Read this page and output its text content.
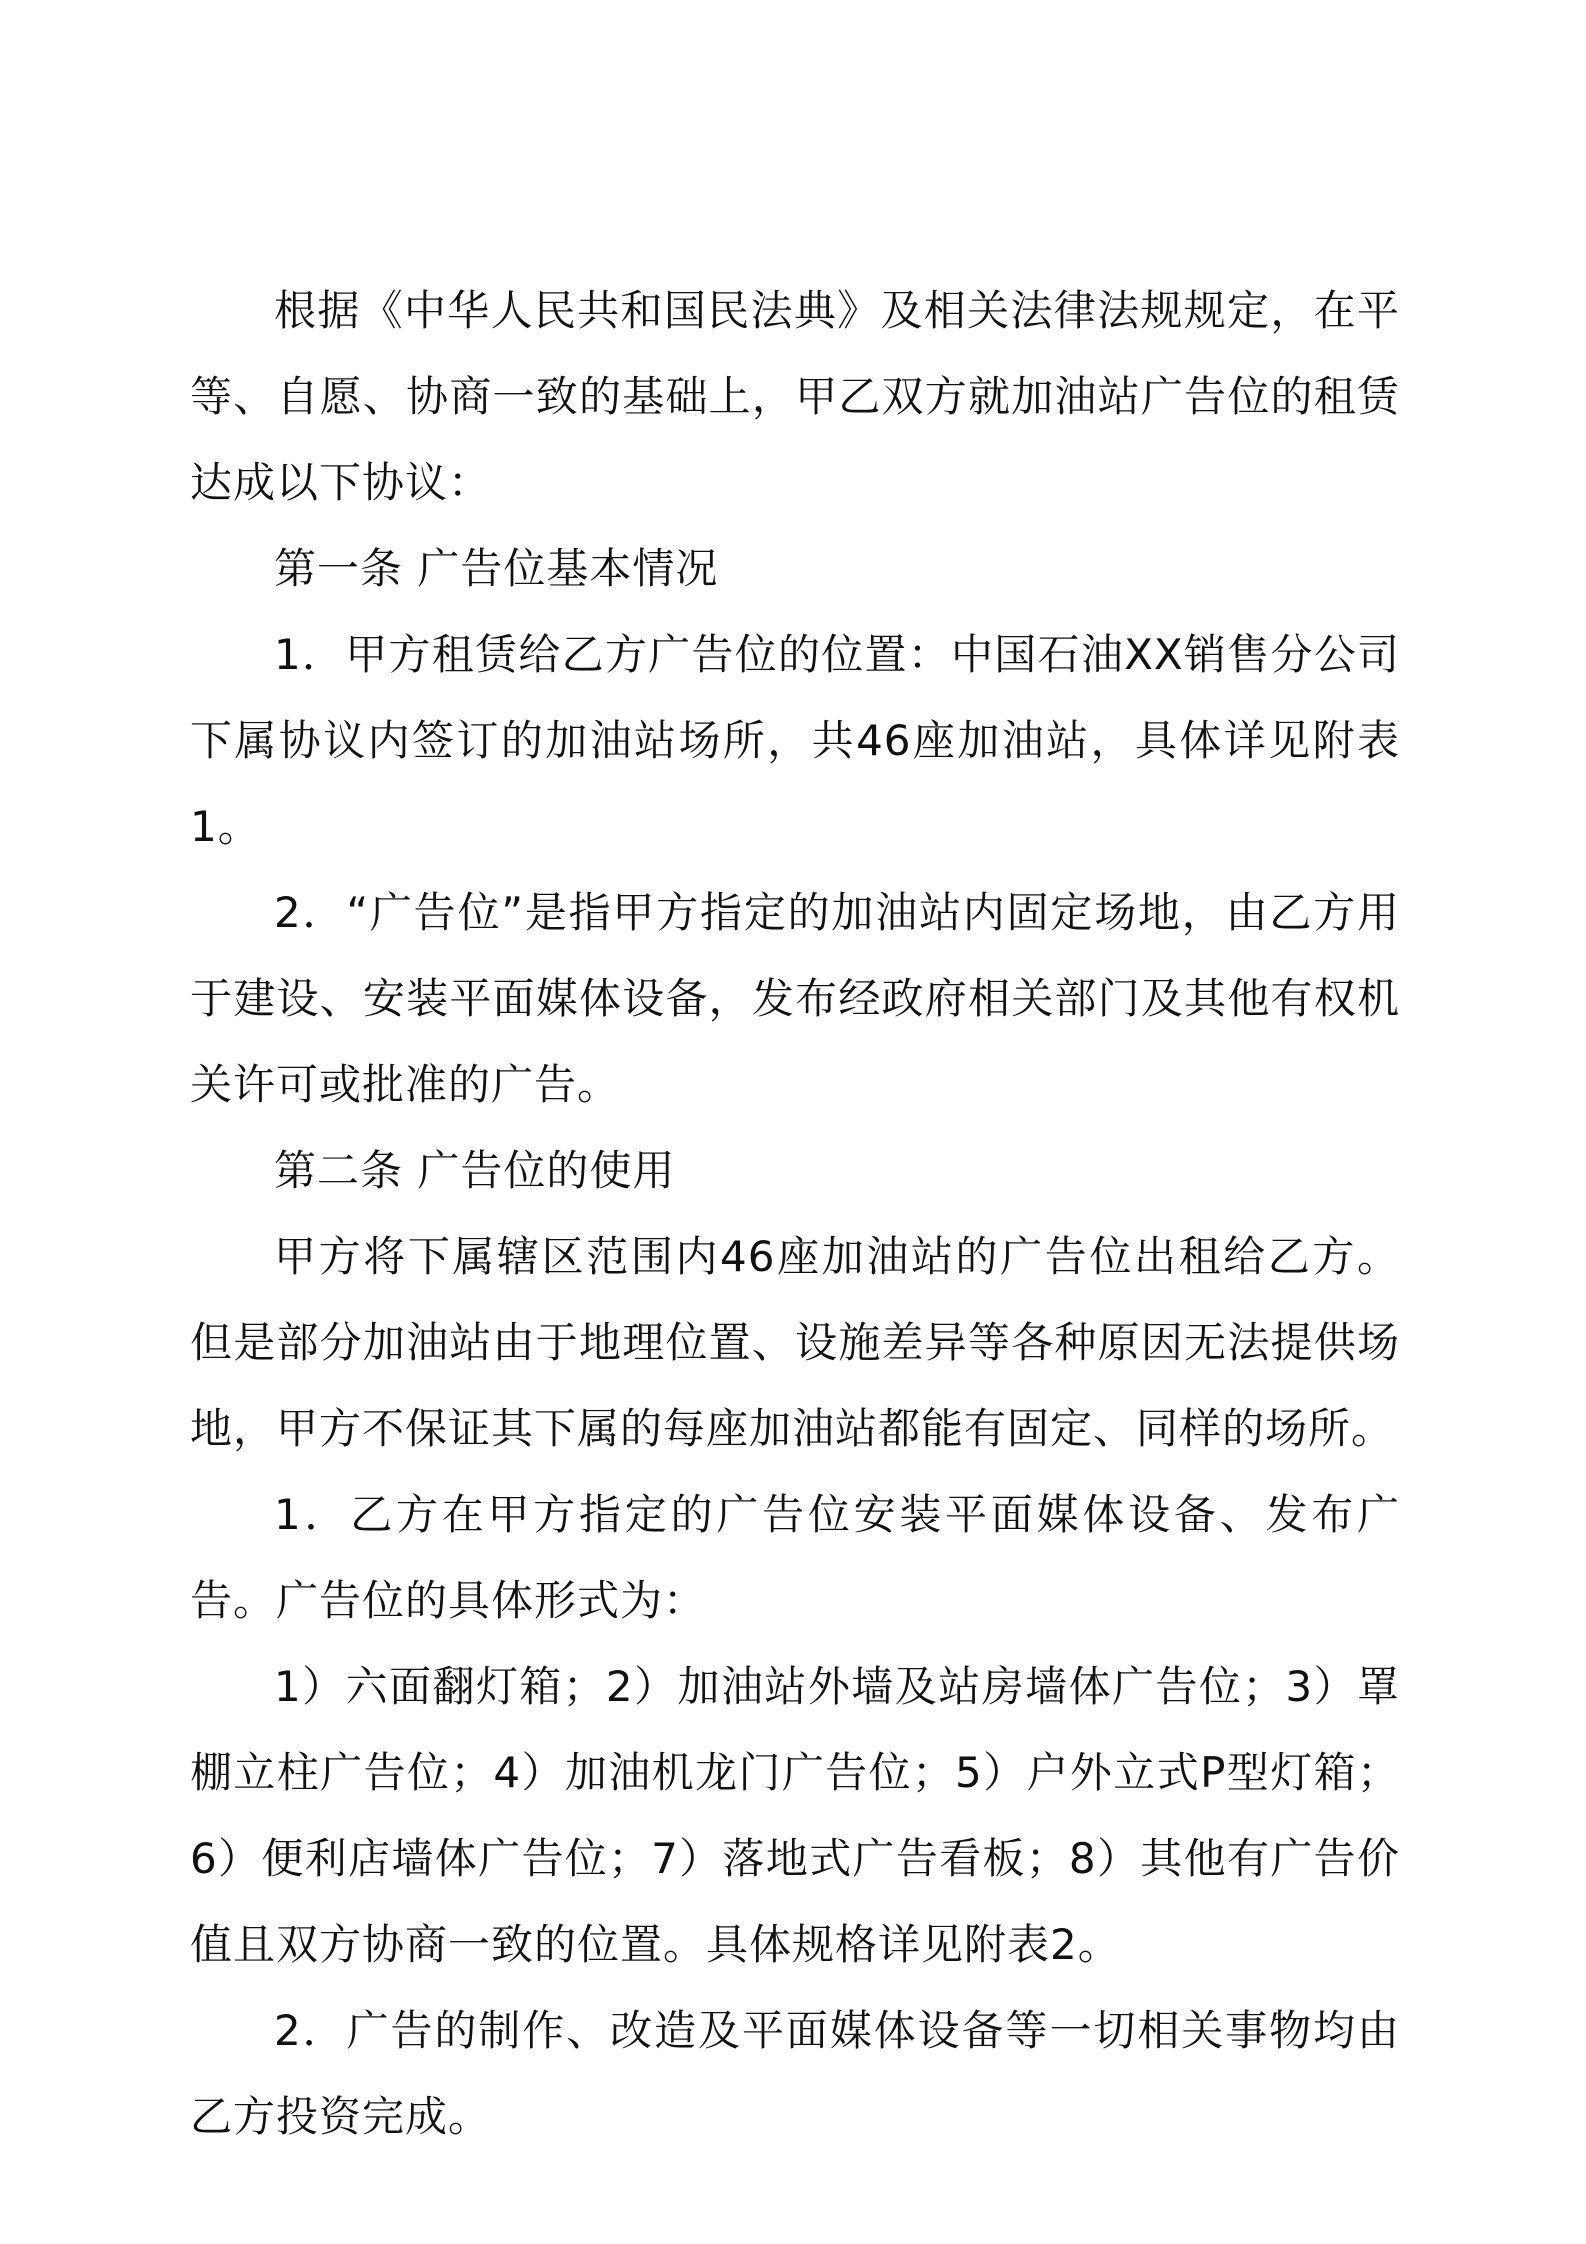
根据《中华人民共和国民法典》及相关法律法规规定，在平等、自愿、协商一致的基础上，甲乙双方就加油站广告位的租赁达成以下协议：

第一条 广告位基本情况

1．甲方租赁给乙方广告位的位置：中国石油XX销售分公司下属协议内签订的加油站场所，共46座加油站，具体详见附表1。

2．“广告位”是指甲方指定的加油站内固定场地，由乙方用于建设、安装平面媒体设备，发布经政府相关部门及其他有权机关许可或批准的广告。

第二条 广告位的使用

甲方将下属辖区范围内46座加油站的广告位出租给乙方。但是部分加油站由于地理位置、设施差异等各种原因无法提供场地，甲方不保证其下属的每座加油站都能有固定、同样的场所。

1．乙方在甲方指定的广告位安装平面媒体设备、发布广告。广告位的具体形式为：

1）六面翻灯箱；2）加油站外墙及站房墙体广告位；3）罩棚立柱广告位；4）加油机龙门广告位；5）户外立式P型灯箱；6）便利店墙体广告位；7）落地式广告看板；8）其他有广告价值且双方协商一致的位置。具体规格详见附表2。

2．广告的制作、改造及平面媒体设备等一切相关事物均由乙方投资完成。
